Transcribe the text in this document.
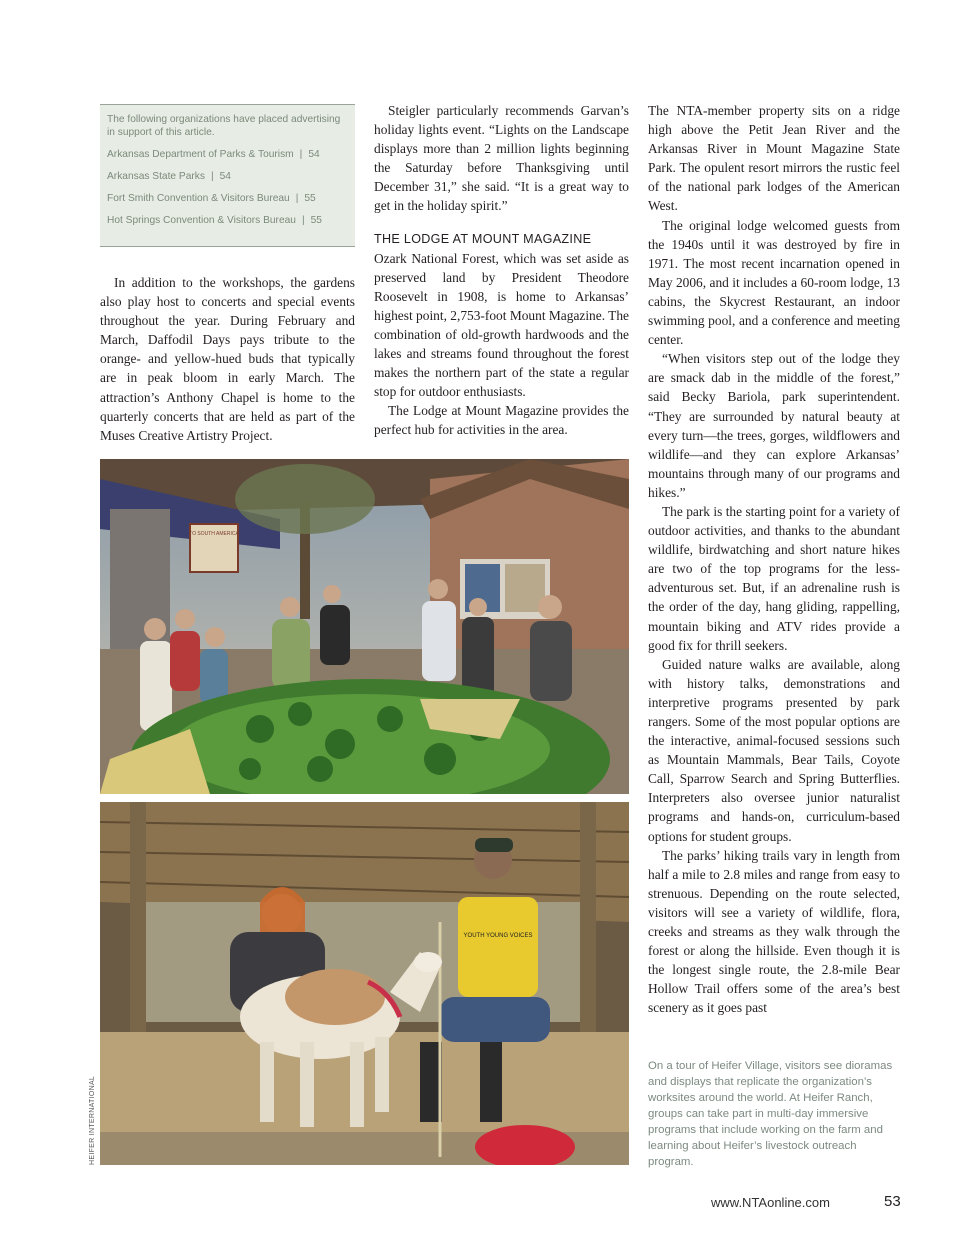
The following organizations have placed advertising in support of this article.
Arkansas Department of Parks & Tourism | 54
Arkansas State Parks | 54
Fort Smith Convention & Visitors Bureau | 55
Hot Springs Convention & Visitors Bureau | 55

In addition to the workshops, the gardens also play host to concerts and special events throughout the year. During February and March, Daffodil Days pays tribute to the orange- and yellow-hued buds that typically are in peak bloom in early March. The attraction’s Anthony Chapel is home to the quarterly concerts that are held as part of the Muses Creative Artistry Project.

Steigler particularly recommends Garvan’s holiday lights event. “Lights on the Landscape displays more than 2 million lights beginning the Saturday before Thanksgiving until December 31,” she said. “It is a great way to get in the holiday spirit.”

THE LODGE AT MOUNT MAGAZINE

Ozark National Forest, which was set aside as preserved land by President Theodore Roosevelt in 1908, is home to Arkansas’ highest point, 2,753-foot Mount Magazine. The combination of old-growth hardwoods and the lakes and streams found throughout the forest makes the northern part of the state a regular stop for outdoor enthusiasts.

The Lodge at Mount Magazine provides the perfect hub for activities in the area.

The NTA-member property sits on a ridge high above the Petit Jean River and the Arkansas River in Mount Magazine State Park. The opulent resort mirrors the rustic feel of the national park lodges of the American West.

The original lodge welcomed guests from the 1940s until it was destroyed by fire in 1971. The most recent incarnation opened in May 2006, and it includes a 60-room lodge, 13 cabins, the Skycrest Restaurant, an indoor swimming pool, and a conference and meeting center.

“When visitors step out of the lodge they are smack dab in the middle of the forest,” said Becky Bariola, park superintendent. “They are surrounded by natural beauty at every turn—the trees, gorges, wildflowers and wildlife—and they can explore Arkansas’ mountains through many of our programs and hikes.”

The park is the starting point for a variety of outdoor activities, and thanks to the abundant wildlife, birdwatching and short nature hikes are two of the top programs for the less-adventurous set. But, if an adrenaline rush is the order of the day, hang gliding, rappelling, mountain biking and ATV rides provide a good fix for thrill seekers.

Guided nature walks are available, along with history talks, demonstrations and interpretive programs presented by park rangers. Some of the most popular options are the interactive, animal-focused sessions such as Mountain Mammals, Bear Tails, Coyote Call, Sparrow Search and Spring Butterflies. Interpreters also oversee junior naturalist programs and hands-on, curriculum-based options for student groups.

The parks’ hiking trails vary in length from half a mile to 2.8 miles and range from easy to strenuous. Depending on the route selected, visitors will see a variety of wildlife, flora, creeks and streams as they walk through the forest or along the hillside. Even though it is the longest single route, the 2.8-mile Bear Hollow Trail offers some of the area’s best scenery as it goes past

TO SOUTH AMERICA
YOUTH YOUNG VOICES
HEIFER INTERNATIONAL
On a tour of Heifer Village, visitors see dioramas and displays that replicate the organization’s worksites around the world. At Heifer Ranch, groups can take part in multi-day immersive programs that include working on the farm and learning about Heifer’s livestock outreach program.
www.NTAonline.com	53
